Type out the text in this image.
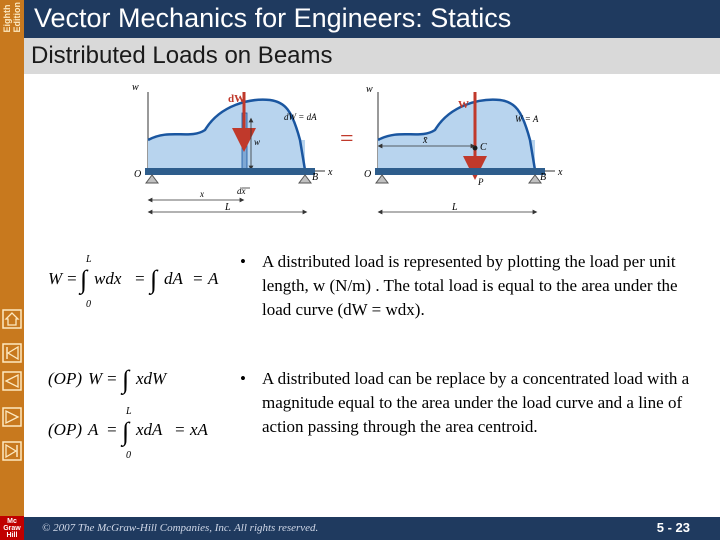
Eighth Edition
Mc
Graw
Hill
Vector Mechanics for Engineers: Statics
Distributed Loads on Beams
w
dW
dW = dA
w
O	B x
dx
x
L
=
w
W
W = A
x̄
C
P
O	B x
L
W =
L
∫
0
wdx = ∫ dA = A
(OP) W = ∫ xdW
(OP) A =
L
∫
0
xdA = xA
• A distributed load is represented by plotting the load per unit length, w (N/m) . The total load is equal to the area under the load curve (dW = wdx).
• A distributed load can be replace by a concentrated load with a magnitude equal to the area under the load curve and a line of action passing through the area centroid.
© 2007 The McGraw-Hill Companies, Inc. All rights reserved.	5 - 23
